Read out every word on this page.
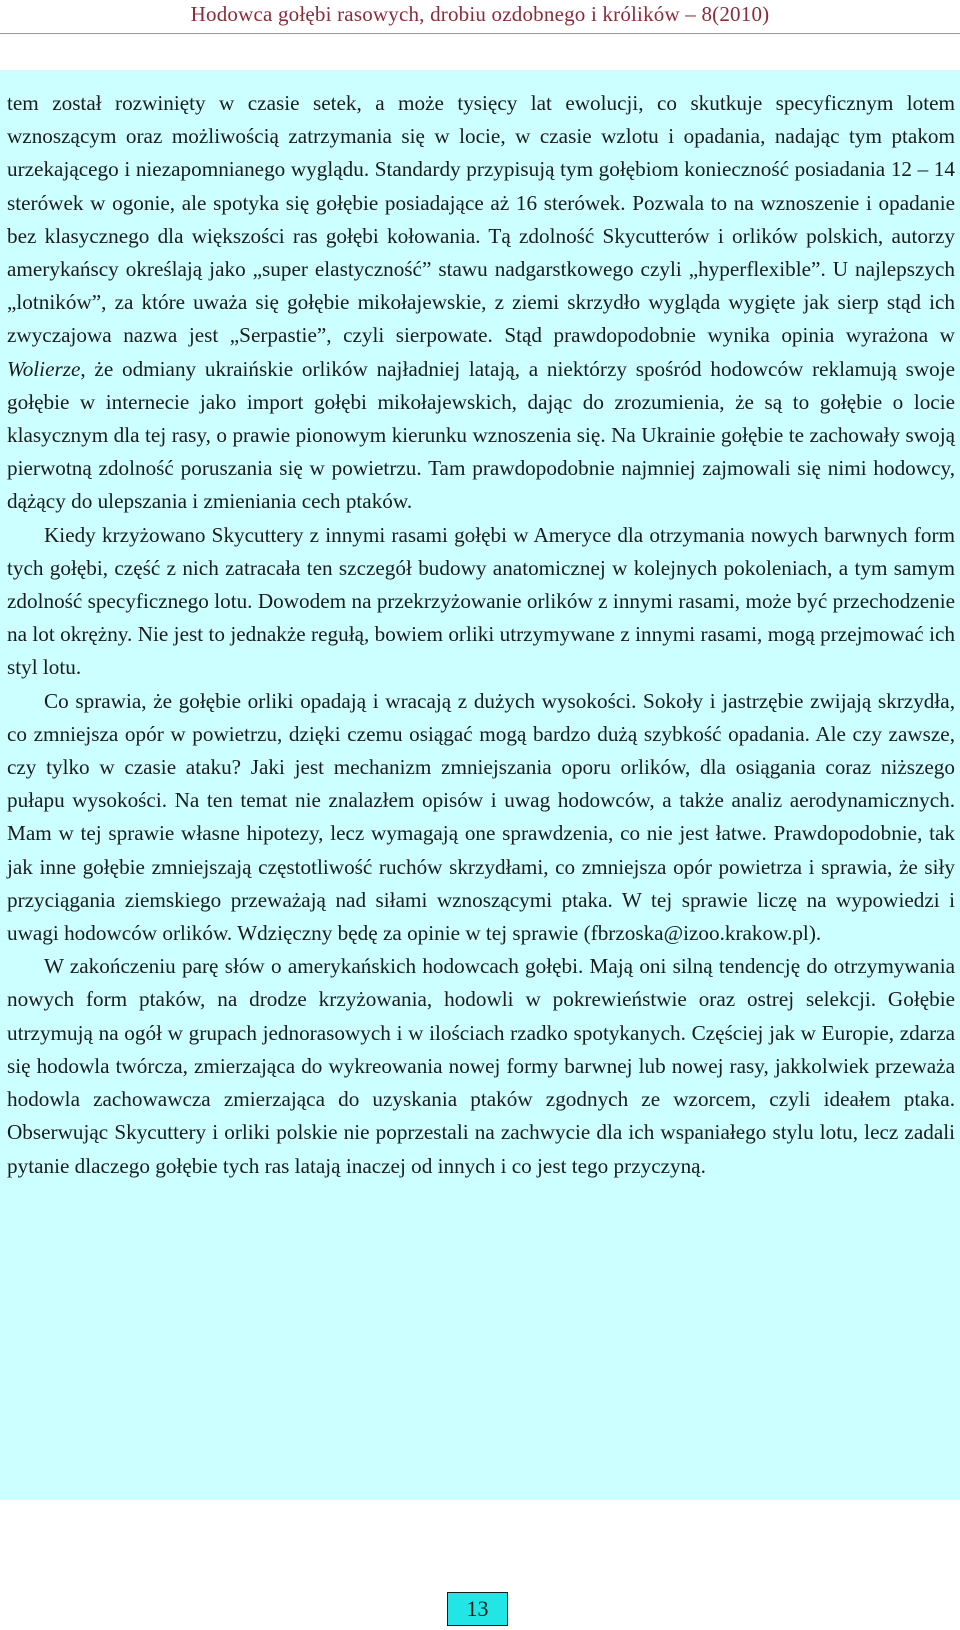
Hodowca gołębi rasowych, drobiu ozdobnego i królików – 8(2010)

tem został rozwinięty w czasie setek, a może tysięcy lat ewolucji, co skutkuje specyficznym lotem wznoszącym oraz możliwością zatrzymania się w locie, w czasie wzlotu i opadania, nadając tym ptakom urzekającego i niezapomnianego wyglądu. Standardy przypisują tym gołębiom konieczność posiadania 12 – 14 sterówek w ogonie, ale spotyka się gołębie posiadające aż 16 sterówek. Pozwala to na wznoszenie i opadanie bez klasycznego dla większości ras gołębi kołowania. Tą zdolność Skycutterów i orlików polskich, autorzy amerykańscy określają jako „super elastyczność” stawu nadgarstkowego czyli „hyperflexible”. U najlepszych „lotników”, za które uważa się gołębie mikołajewskie, z ziemi skrzydło wygląda wygięte jak sierp stąd ich zwyczajowa nazwa jest „Serpastie”, czyli sierpowate. Stąd prawdopodobnie wynika opinia wyrażona w Wolierze, że odmiany ukraińskie orlików najładniej latają, a niektórzy spośród hodowców reklamują swoje gołębie w internecie jako import gołębi mikołajewskich, dając do zrozumienia, że są to gołębie o locie klasycznym dla tej rasy, o prawie pionowym kierunku wznoszenia się. Na Ukrainie gołębie te zachowały swoją pierwotną zdolność poruszania się w powietrzu. Tam prawdopodobnie najmniej zajmowali się nimi hodowcy, dążący do ulepszania i zmieniania cech ptaków.

Kiedy krzyżowano Skycuttery z innymi rasami gołębi w Ameryce dla otrzymania nowych barwnych form tych gołębi, część z nich zatracała ten szczegół budowy anatomicznej w kolejnych pokoleniach, a tym samym zdolność specyficznego lotu. Dowodem na przekrzyżowanie orlików z innymi rasami, może być przechodzenie na lot okrężny. Nie jest to jednakże regułą, bowiem orliki utrzymywane z innymi rasami, mogą przejmować ich styl lotu.

Co sprawia, że gołębie orliki opadają i wracają z dużych wysokości. Sokoły i jastrzębie zwijają skrzydła, co zmniejsza opór w powietrzu, dzięki czemu osiągać mogą bardzo dużą szybkość opadania. Ale czy zawsze, czy tylko w czasie ataku? Jaki jest mechanizm zmniejszania oporu orlików, dla osiągania coraz niższego pułapu wysokości. Na ten temat nie znalazłem opisów i uwag hodowców, a także analiz aerodynamicznych. Mam w tej sprawie własne hipotezy, lecz wymagają one sprawdzenia, co nie jest łatwe. Prawdopodobnie, tak jak inne gołębie zmniejszają częstotliwość ruchów skrzydłami, co zmniejsza opór powietrza i sprawia, że siły przyciągania ziemskiego przeważają nad siłami wznoszącymi ptaka. W tej sprawie liczę na wypowiedzi i uwagi hodowców orlików. Wdzięczny będę za opinie w tej sprawie (fbrzoska@izoo.krakow.pl).

W zakończeniu parę słów o amerykańskich hodowcach gołębi. Mają oni silną tendencję do otrzymywania nowych form ptaków, na drodze krzyżowania, hodowli w pokrewieństwie oraz ostrej selekcji. Gołębie utrzymują na ogół w grupach jednorasowych i w ilościach rzadko spotykanych. Częściej jak w Europie, zdarza się hodowla twórcza, zmierzająca do wykreowania nowej formy barwnej lub nowej rasy, jakkolwiek przeważa hodowla zachowawcza zmierzająca do uzyskania ptaków zgodnych ze wzorcem, czyli ideałem ptaka. Obserwując Skycuttery i orliki polskie nie poprzestali na zachwycie dla ich wspaniałego stylu lotu, lecz zadali pytanie dlaczego gołębie tych ras latają inaczej od innych i co jest tego przyczyną.

13
